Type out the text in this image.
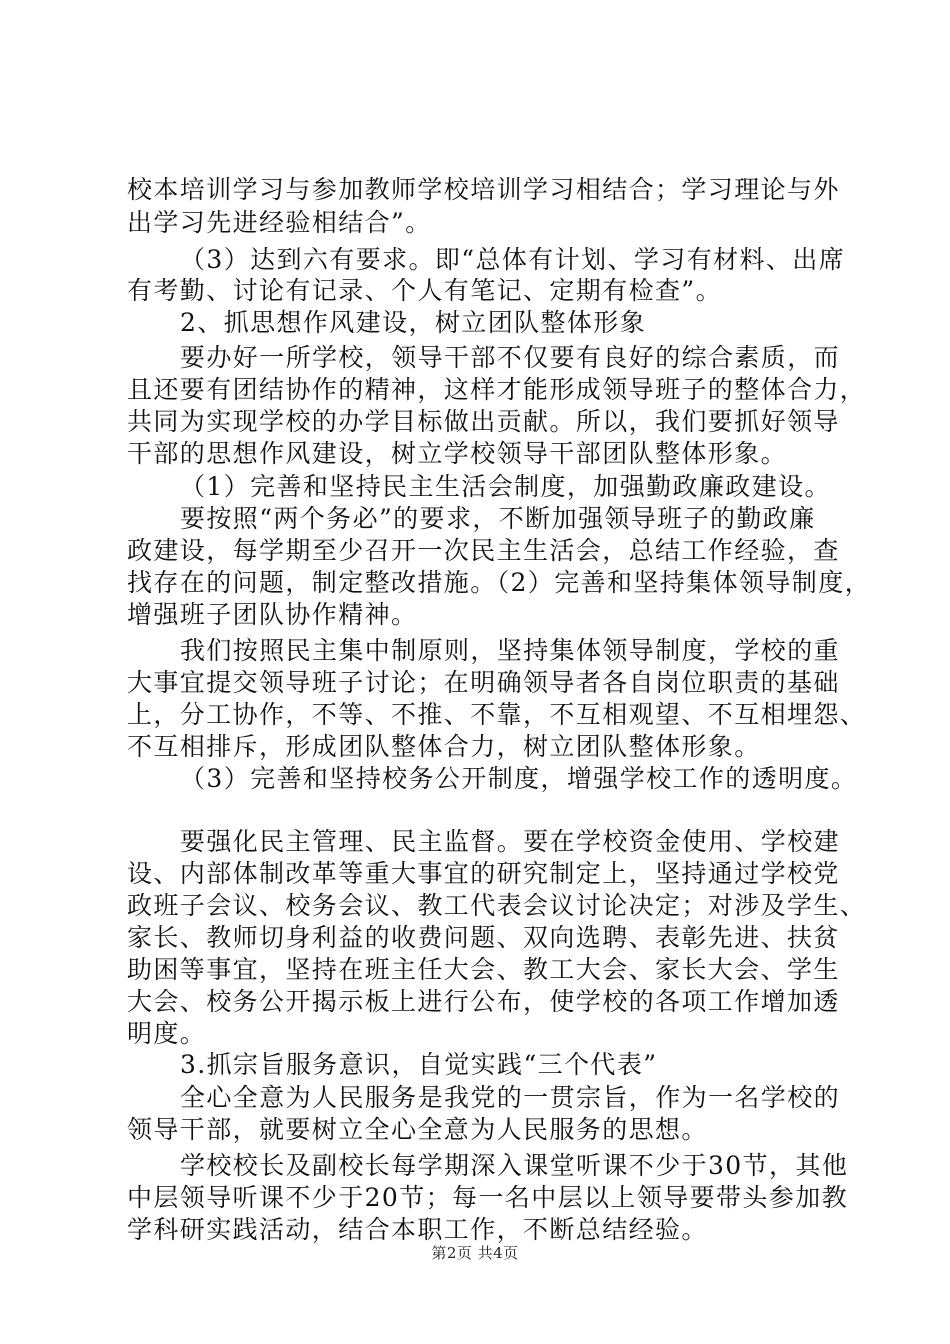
校本培训学习与参加教师学校培训学习相结合；学习理论与外
出学习先进经验相结合”。
（3）达到六有要求。即“总体有计划、学习有材料、出席
有考勤、讨论有记录、个人有笔记、定期有检查”。
2、抓思想作风建设，树立团队整体形象
要办好一所学校，领导干部不仅要有良好的综合素质，而
且还要有团结协作的精神，这样才能形成领导班子的整体合力，
共同为实现学校的办学目标做出贡献。所以，我们要抓好领导
干部的思想作风建设，树立学校领导干部团队整体形象。
（1）完善和坚持民主生活会制度，加强勤政廉政建设。
要按照“两个务必”的要求，不断加强领导班子的勤政廉
政建设，每学期至少召开一次民主生活会，总结工作经验，查
找存在的问题，制定整改措施。（2）完善和坚持集体领导制度，
增强班子团队协作精神。
我们按照民主集中制原则，坚持集体领导制度，学校的重
大事宜提交领导班子讨论；在明确领导者各自岗位职责的基础
上，分工协作，不等、不推、不靠，不互相观望、不互相埋怨、
不互相排斥，形成团队整体合力，树立团队整体形象。
（3）完善和坚持校务公开制度，增强学校工作的透明度。
要强化民主管理、民主监督。要在学校资金使用、学校建
设、内部体制改革等重大事宜的研究制定上，坚持通过学校党
政班子会议、校务会议、教工代表会议讨论决定；对涉及学生、
家长、教师切身利益的收费问题、双向选聘、表彰先进、扶贫
助困等事宜，坚持在班主任大会、教工大会、家长大会、学生
大会、校务公开揭示板上进行公布，使学校的各项工作增加透
明度。
3.抓宗旨服务意识，自觉实践“三个代表”
全心全意为人民服务是我党的一贯宗旨，作为一名学校的
领导干部，就要树立全心全意为人民服务的思想。
学校校长及副校长每学期深入课堂听课不少于30节，其他
中层领导听课不少于20节；每一名中层以上领导要带头参加教
学科研实践活动，结合本职工作，不断总结经验。
第2页 共4页
